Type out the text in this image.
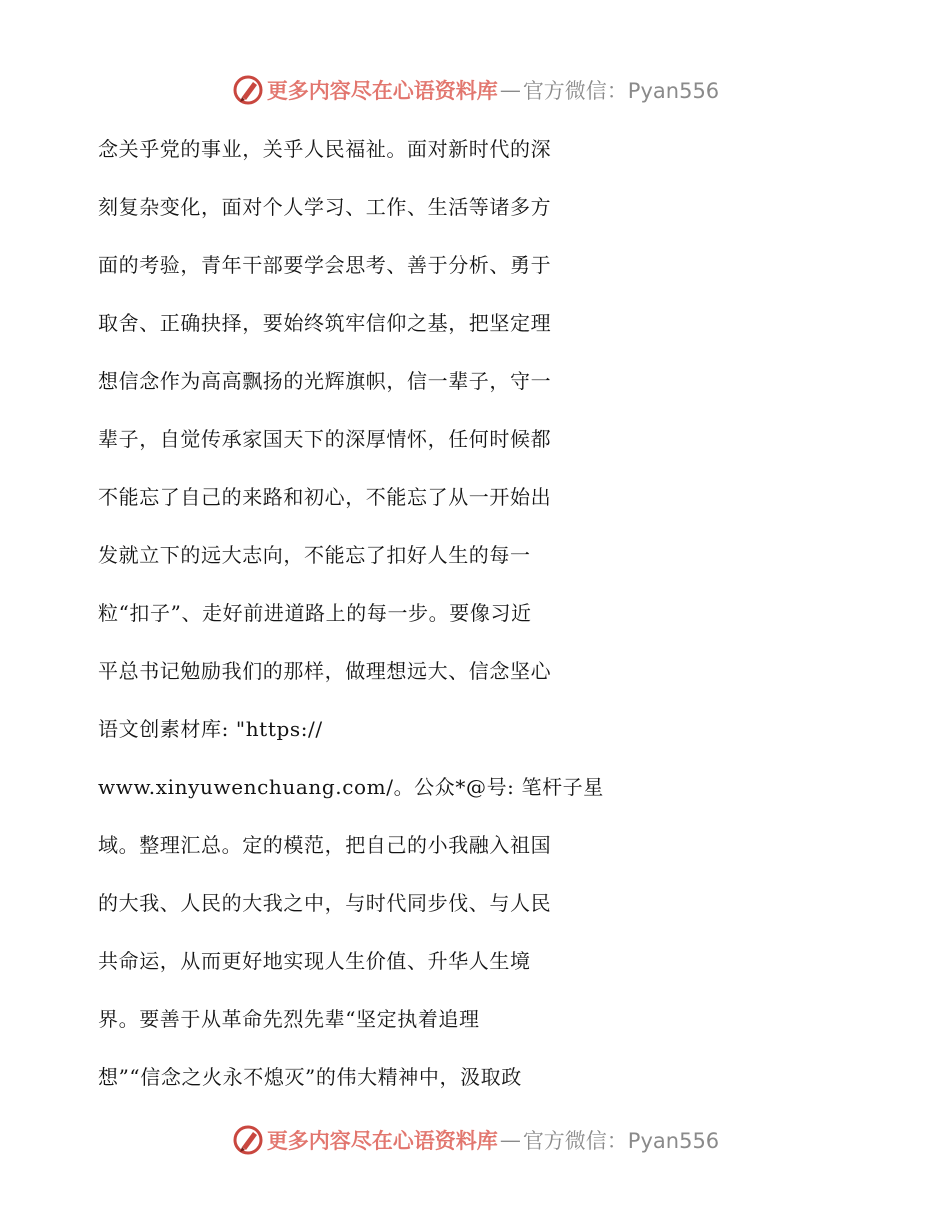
更多内容尽在心语资料库 — 官方微信：Pyan556
念关乎党的事业，关乎人民福祉。面对新时代的深
刻复杂变化，面对个人学习、工作、生活等诸多方
面的考验，青年干部要学会思考、善于分析、勇于
取舍、正确抉择，要始终筑牢信仰之基，把坚定理
想信念作为高高飘扬的光辉旗帜，信一辈子，守一
辈子，自觉传承家国天下的深厚情怀，任何时候都
不能忘了自己的来路和初心，不能忘了从一开始出
发就立下的远大志向，不能忘了扣好人生的每一
粒“扣子”、走好前进道路上的每一步。要像习近
平总书记勉励我们的那样，做理想远大、信念坚心
语文创素材库: "https://
www.xinyuwenchuang.com/。公众*@号: 笔杆子星
域。整理汇总。定的模范，把自己的小我融入祖国
的大我、人民的大我之中，与时代同步伐、与人民
共命运，从而更好地实现人生价值、升华人生境
界。要善于从革命先烈先辈“坚定执着追理
想”“信念之火永不熄灭”的伟大精神中，汲取政
更多内容尽在心语资料库 — 官方微信：Pyan556
